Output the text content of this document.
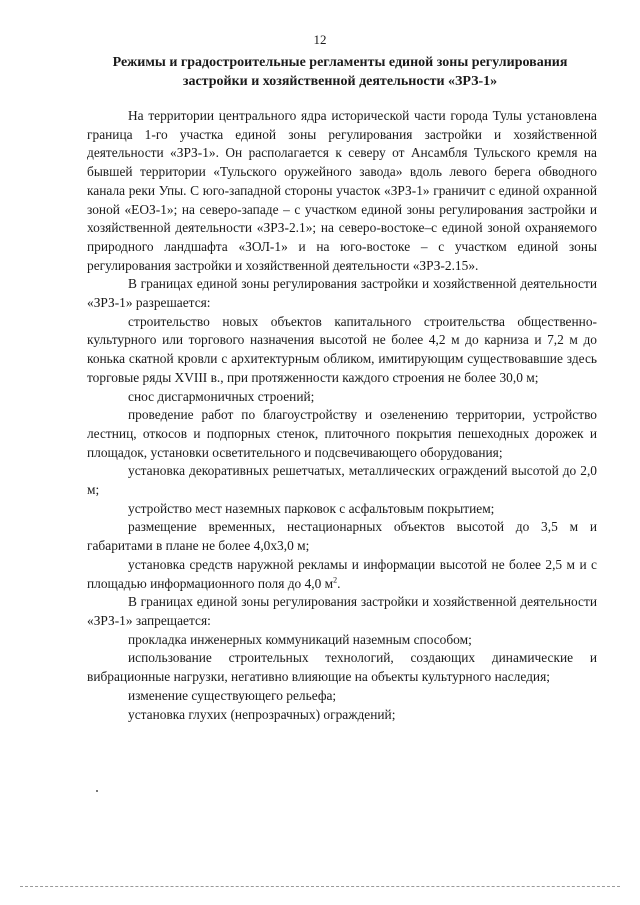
12
Режимы и градостроительные регламенты единой зоны регулирования застройки и хозяйственной деятельности «ЗРЗ-1»

На территории центрального ядра исторической части города Тулы установлена граница 1-го участка единой зоны регулирования застройки и хозяйственной деятельности «ЗРЗ-1». Он располагается к северу от Ансамбля Тульского кремля на бывшей территории «Тульского оружейного завода» вдоль левого берега обводного канала реки Упы. С юго-западной стороны участок «ЗРЗ-1» граничит с единой охранной зоной «ЕОЗ-1»; на северо-западе – с участком единой зоны регулирования застройки и хозяйственной деятельности «ЗРЗ-2.1»; на северо-востоке–с единой зоной охраняемого природного ландшафта «ЗОЛ-1» и на юго-востоке – с участком единой зоны регулирования застройки и хозяйственной деятельности «ЗРЗ-2.15».

В границах единой зоны регулирования застройки и хозяйственной деятельности «ЗРЗ-1» разрешается:

строительство новых объектов капитального строительства общественно-культурного или торгового назначения высотой не более 4,2 м до карниза и 7,2 м до конька скатной кровли с архитектурным обликом, имитирующим существовавшие здесь торговые ряды XVIII в., при протяженности каждого строения не более 30,0 м;

снос дисгармоничных строений;

проведение работ по благоустройству и озеленению территории, устройство лестниц, откосов и подпорных стенок, плиточного покрытия пешеходных дорожек и площадок, установки осветительного и подсвечивающего оборудования;

установка декоративных решетчатых, металлических ограждений высотой до 2,0 м;

устройство мест наземных парковок с асфальтовым покрытием;

размещение временных, нестационарных объектов высотой до 3,5 м и габаритами в плане не более 4,0х3,0 м;

установка средств наружной рекламы и информации высотой не более 2,5 м и с площадью информационного поля до 4,0 $м^2$.

В границах единой зоны регулирования застройки и хозяйственной деятельности «ЗРЗ-1» запрещается:

прокладка инженерных коммуникаций наземным способом;

использование строительных технологий, создающих динамические и вибрационные нагрузки, негативно влияющие на объекты культурного наследия;

изменение существующего рельефа;

установка глухих (непрозрачных) ограждений;
